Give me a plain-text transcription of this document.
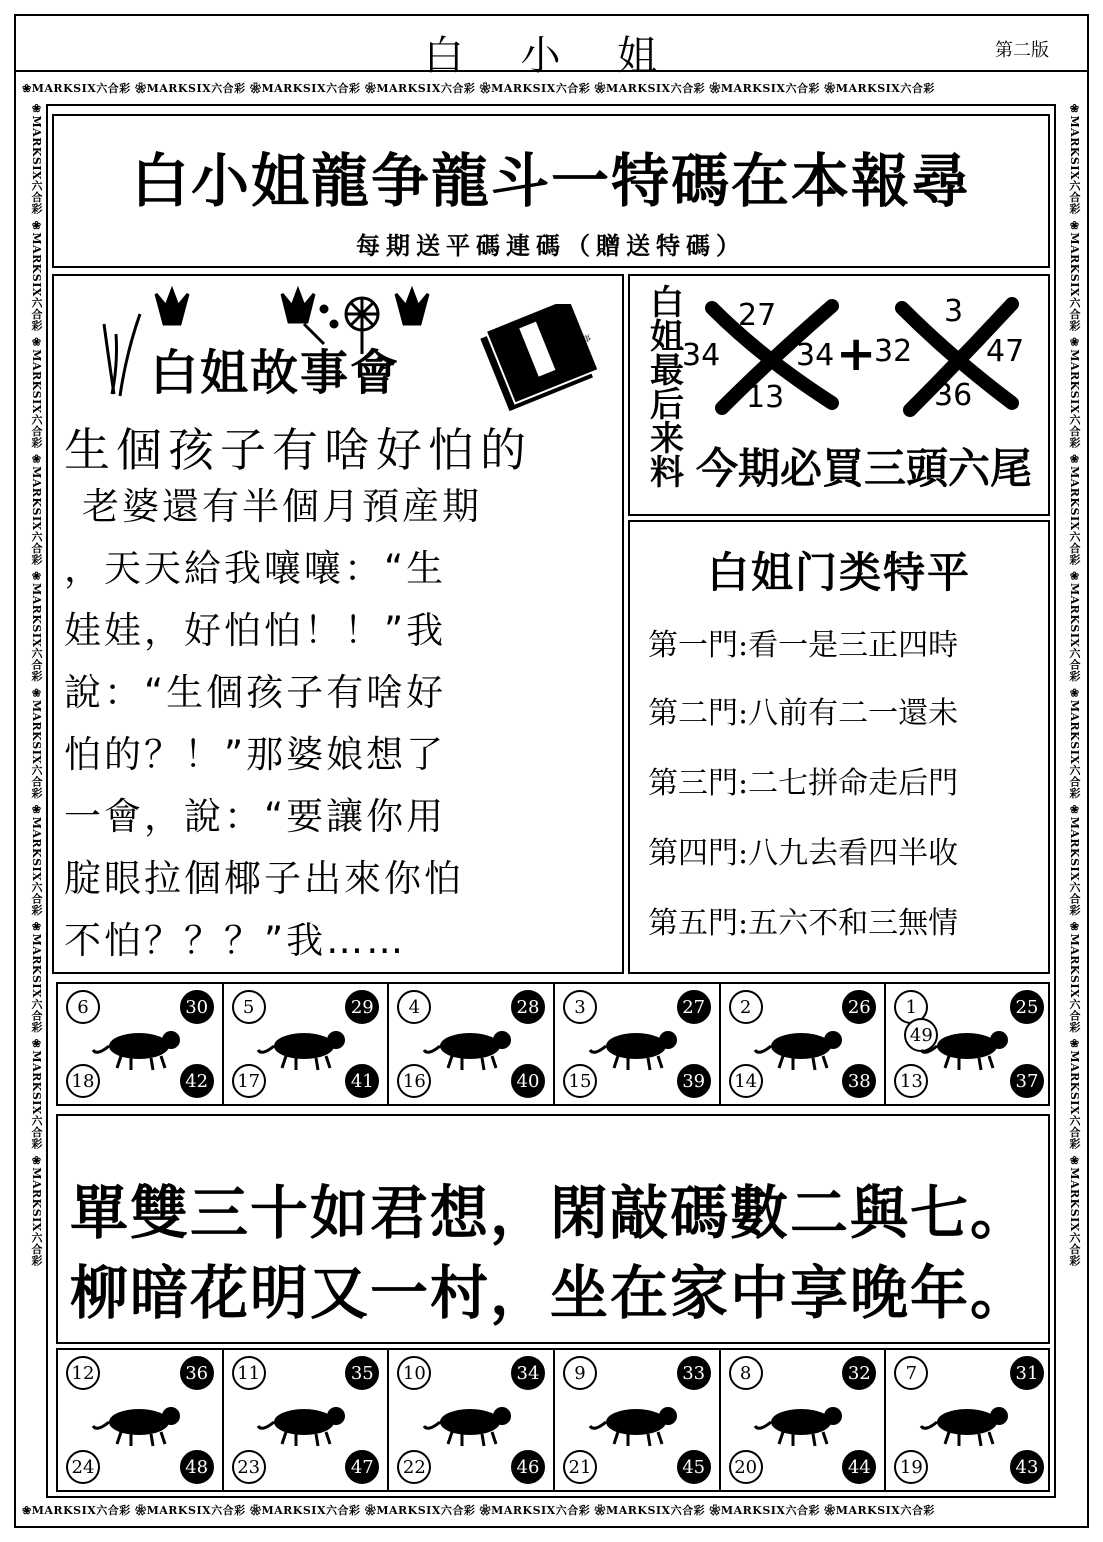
白 小 姐	第二版
❀MARKSIX六合彩 ❀MARKSIX六合彩 ❀MARKSIX六合彩 ❀MARKSIX六合彩 ❀MARKSIX六合彩 ❀MARKSIX六合彩 ❀MARKSIX六合彩 ❀MARKSIX六合彩
❀MARKSIX六合彩 ❀MARKSIX六合彩 ❀MARKSIX六合彩 ❀MARKSIX六合彩 ❀MARKSIX六合彩 ❀MARKSIX六合彩 ❀MARKSIX六合彩 ❀MARKSIX六合彩 ❀MARKSIX六合彩 ❀MARKSIX六合彩	❀MARKSIX六合彩 ❀MARKSIX六合彩 ❀MARKSIX六合彩 ❀MARKSIX六合彩 ❀MARKSIX六合彩 ❀MARKSIX六合彩 ❀MARKSIX六合彩 ❀MARKSIX六合彩 ❀MARKSIX六合彩 ❀MARKSIX六合彩
❀MARKSIX六合彩 ❀MARKSIX六合彩 ❀MARKSIX六合彩 ❀MARKSIX六合彩 ❀MARKSIX六合彩 ❀MARKSIX六合彩 ❀MARKSIX六合彩 ❀MARKSIX六合彩
白小姐龍争龍斗一特碼在本報尋
每期送平碼連碼（贈送特碼）
白姐故事會
白姐故事
生個孩子有啥好怕的
老婆還有半個月預産期
，天天給我嚷嚷：“生
娃娃，好怕怕！！”我
說：“生個孩子有啥好
怕的？！”那婆娘想了
一會，說：“要讓你用
腚眼拉個椰子出來你怕
不怕？？？”我……
白姐最后来料
27
34	34
13
+
3
32 47
36
今期必買三頭六尾
白姐门类特平
第一門:看一是三正四時
第二門:八前有二一還未
第三門:二七拼命走后門
第四門:八九去看四半收
第五門:五六不和三無情
6	30
18	42
5	29
17	41
4	28
16	40
3	27
15	39
2	26
14	38
1	25
13	37
49
單雙三十如君想，閑敲碼數二與七。
柳暗花明又一村，坐在家中享晚年。
12	36
24	48
11	35
23	47
10	34
22	46
9	33
21	45
8	32
20	44
7	31
19	43
